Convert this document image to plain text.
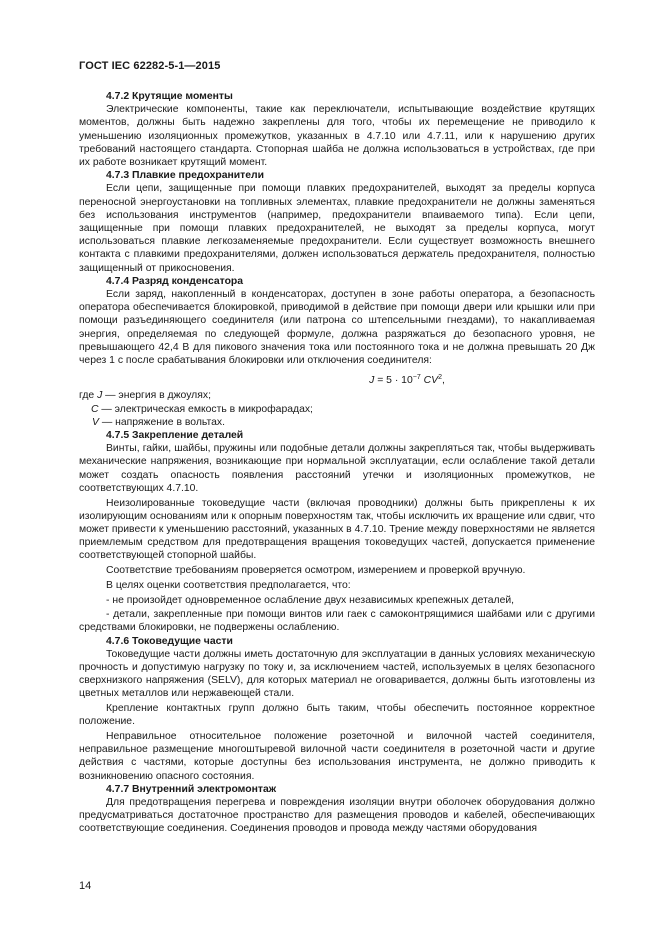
ГОСТ IEC 62282-5-1—2015
4.7.2 Крутящие моменты

Электрические компоненты, такие как переключатели, испытывающие воздействие крутящих моментов, должны быть надежно закреплены для того, чтобы их перемещение не приводило к уменьшению изоляционных промежутков, указанных в 4.7.10 или 4.7.11, или к нарушению других требований настоящего стандарта. Стопорная шайба не должна использоваться в устройствах, где при их работе возникает крутящий момент.

4.7.3 Плавкие предохранители

Если цепи, защищенные при помощи плавких предохранителей, выходят за пределы корпуса переносной энергоустановки на топливных элементах, плавкие предохранители не должны заменяться без использования инструментов (например, предохранители впаиваемого типа). Если цепи, защищенные при помощи плавких предохранителей, не выходят за пределы корпуса, могут использоваться плавкие легкозаменяемые предохранители. Если существует возможность внешнего контакта с плавкими предохранителями, должен использоваться держатель предохранителя, полностью защищенный от прикосновения.

4.7.4 Разряд конденсатора

Если заряд, накопленный в конденсаторах, доступен в зоне работы оператора, а безопасность оператора обеспечивается блокировкой, приводимой в действие при помощи двери или крышки или при помощи разъединяющего соединителя (или патрона со штепсельными гнездами), то накапливаемая энергия, определяемая по следующей формуле, должна разряжаться до безопасного уровня, не превышающего 42,4 В для пикового значения тока или постоянного тока и не должна превышать 20 Дж через 1 с после срабатывания блокировки или отключения соединителя:

$J = 5 \cdot 10^{-7}$ $CV^2$,
где J — энергия в джоулях;
C — электрическая емкость в микрофарадах;
V — напряжение в вольтах.
4.7.5 Закрепление деталей

Винты, гайки, шайбы, пружины или подобные детали должны закрепляться так, чтобы выдерживать механические напряжения, возникающие при нормальной эксплуатации, если ослабление такой детали может создать опасность появления расстояний утечки и изоляционных промежутков, не соответствующих 4.7.10.

Неизолированные токоведущие части (включая проводники) должны быть прикреплены к их изолирующим основаниям или к опорным поверхностям так, чтобы исключить их вращение или сдвиг, что может привести к уменьшению расстояний, указанных в 4.7.10. Трение между поверхностями не является приемлемым средством для предотвращения вращения токоведущих частей, допускается применение соответствующей стопорной шайбы.

Соответствие требованиям проверяется осмотром, измерением и проверкой вручную.

В целях оценки соответствия предполагается, что:

- не произойдет одновременное ослабление двух независимых крепежных деталей,

- детали, закрепленные при помощи винтов или гаек с самоконтрящимися шайбами или с другими средствами блокировки, не подвержены ослаблению.

4.7.6 Токоведущие части

Токоведущие части должны иметь достаточную для эксплуатации в данных условиях механическую прочность и допустимую нагрузку по току и, за исключением частей, используемых в целях безопасного сверхнизкого напряжения (SELV), для которых материал не оговаривается, должны быть изготовлены из цветных металлов или нержавеющей стали.

Крепление контактных групп должно быть таким, чтобы обеспечить постоянное корректное положение.

Неправильное относительное положение розеточной и вилочной частей соединителя, неправильное размещение многоштыревой вилочной части соединителя в розеточной части и другие действия с частями, которые доступны без использования инструмента, не должно приводить к возникновению опасного состояния.

4.7.7 Внутренний электромонтаж

Для предотвращения перегрева и повреждения изоляции внутри оболочек оборудования должно предусматриваться достаточное пространство для размещения проводов и кабелей, обеспечивающих соответствующие соединения. Соединения проводов и провода между частями оборудования

14
